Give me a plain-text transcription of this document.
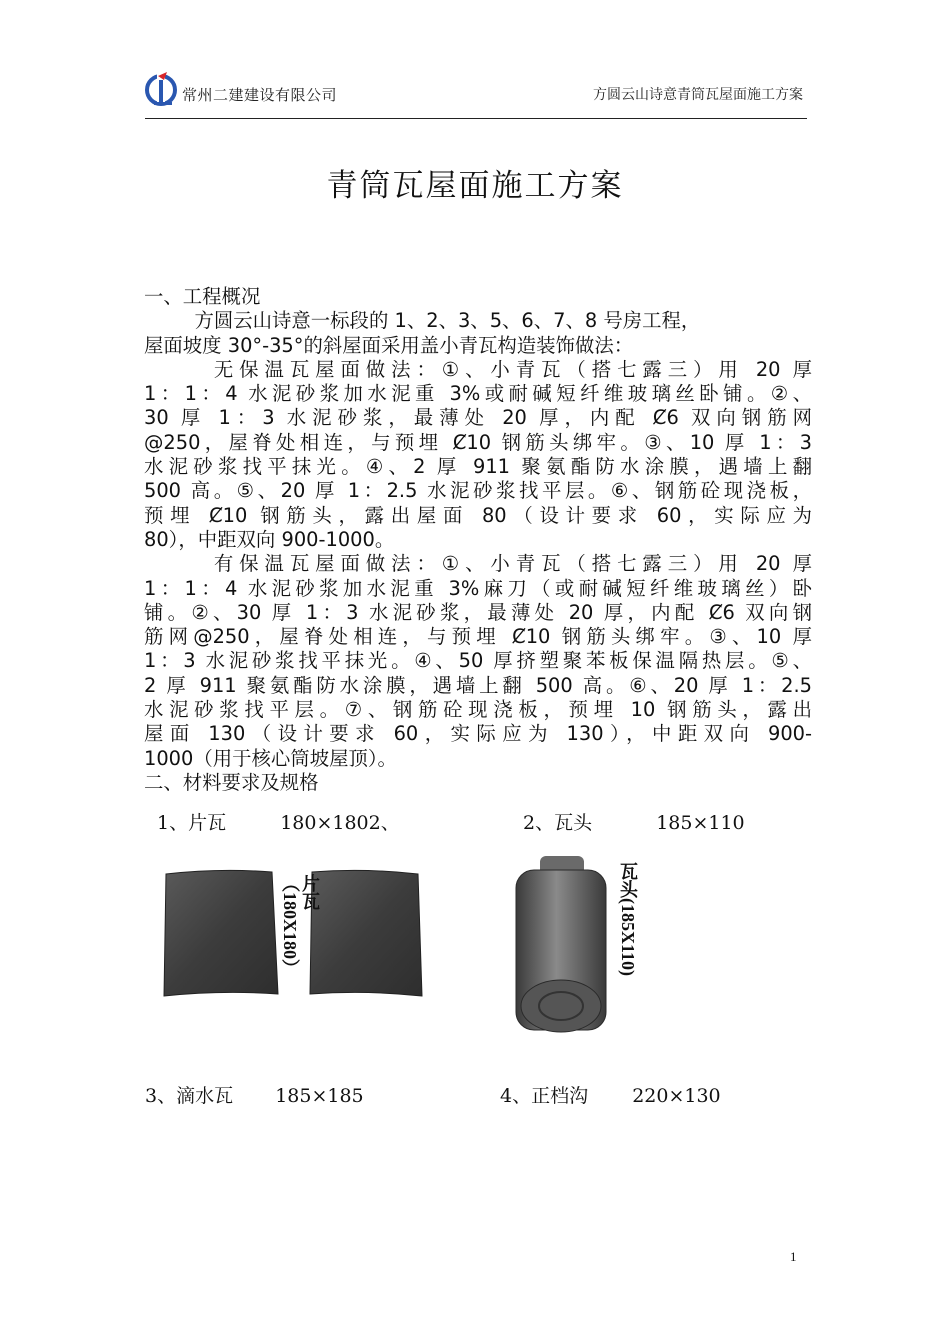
常州二建建设有限公司	方圆云山诗意青筒瓦屋面施工方案
青筒瓦屋面施工方案
一、工程概况
方圆云山诗意一标段的 1、2、3、5、6、7、8 号房工程，
屋面坡度 30°-35°的斜屋面采用盖小青瓦构造装饰做法：
无保温瓦屋面做法：①、小青瓦（搭七露三）用 20 厚
1：1：4 水泥砂浆加水泥重 3%或耐碱短纤维玻璃丝卧铺。②、
30 厚 1：3 水泥砂浆，最薄处 20 厚，内配 Ȼ6 双向钢筋网
@250，屋脊处相连，与预埋 Ȼ10 钢筋头绑牢。③、10 厚 1：3
水泥砂浆找平抹光。④、2 厚 911 聚氨酯防水涂膜，遇墙上翻
500 高。⑤、20 厚 1：2.5 水泥砂浆找平层。⑥、钢筋砼现浇板，
预埋 Ȼ10 钢筋头，露出屋面 80（设计要求 60，实际应为
80），中距双向 900-1000。
有保温瓦屋面做法：①、小青瓦（搭七露三）用 20 厚
1：1：4 水泥砂浆加水泥重 3%麻刀（或耐碱短纤维玻璃丝）卧
铺。②、30 厚 1：3 水泥砂浆，最薄处 20 厚，内配 Ȼ6 双向钢
筋网@250，屋脊处相连，与预埋 Ȼ10 钢筋头绑牢。③、10 厚
1：3 水泥砂浆找平抹光。④、50 厚挤塑聚苯板保温隔热层。⑤、
2 厚 911 聚氨酯防水涂膜，遇墙上翻 500 高。⑥、20 厚 1：2.5
水泥砂浆找平层。⑦、钢筋砼现浇板，预埋 10 钢筋头，露出
屋面 130（设计要求 60，实际应为 130），中距双向 900-
1000（用于核心筒坡屋顶）。
二、材料要求及规格
1、片瓦	180×1802、	2、瓦头	185×110
片瓦（180X180）	瓦头(185X110)
3、滴水瓦 185×185	4、正档沟 220×130
1
